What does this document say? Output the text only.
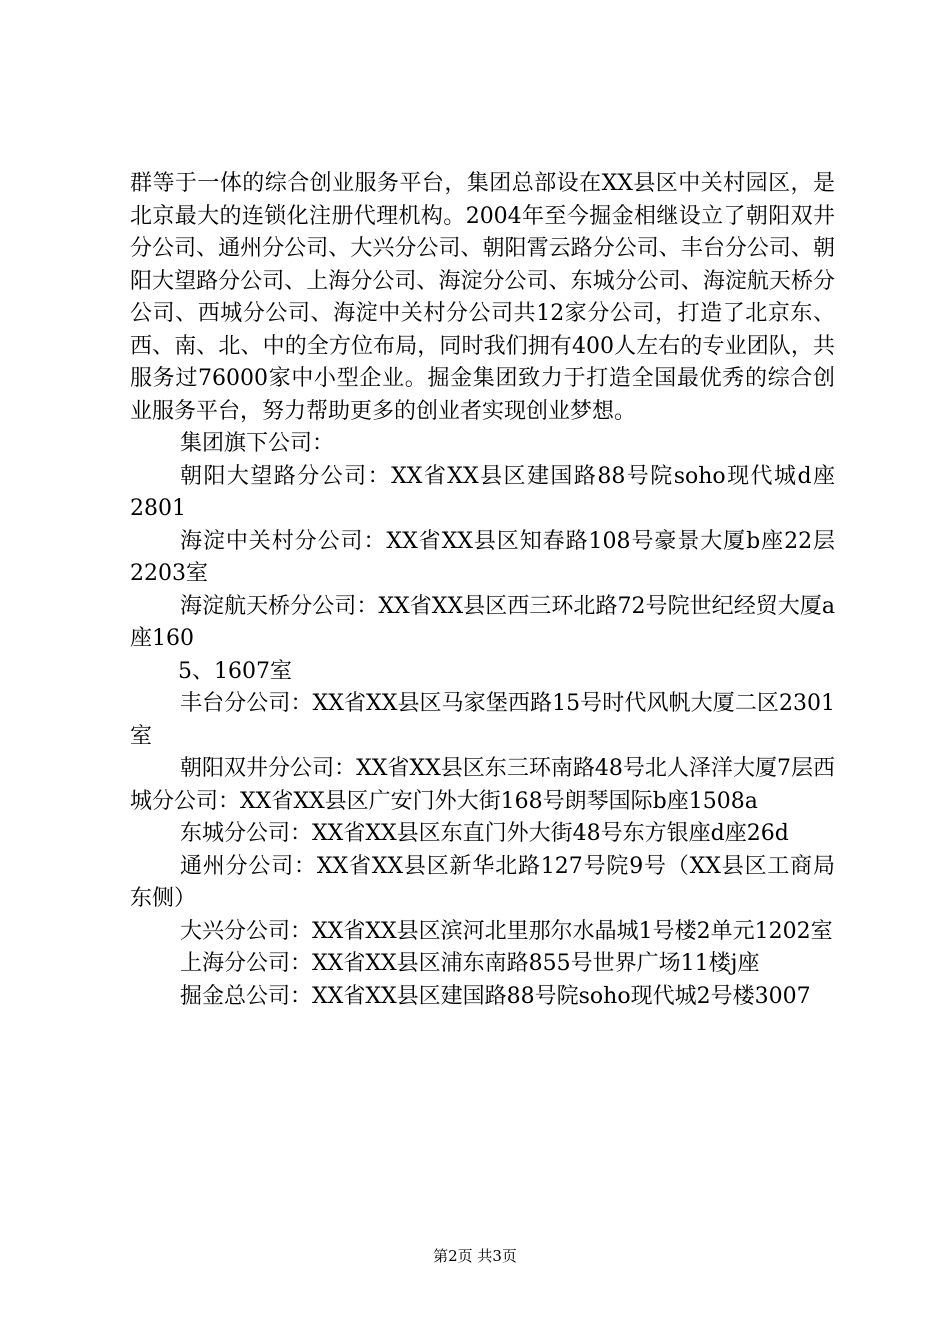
群等于一体的综合创业服务平台，集团总部设在XX县区中关村园区，是北京最大的连锁化注册代理机构。2004年至今掘金相继设立了朝阳双井分公司、通州分公司、大兴分公司、朝阳霄云路分公司、丰台分公司、朝阳大望路分公司、上海分公司、海淀分公司、东城分公司、海淀航天桥分公司、西城分公司、海淀中关村分公司共12家分公司，打造了北京东、西、南、北、中的全方位布局，同时我们拥有400人左右的专业团队，共服务过76000家中小型企业。掘金集团致力于打造全国最优秀的综合创业服务平台，努力帮助更多的创业者实现创业梦想。

集团旗下公司：

朝阳大望路分公司：XX省XX县区建国路88号院soho现代城d座2801

海淀中关村分公司：XX省XX县区知春路108号豪景大厦b座22层2203室

海淀航天桥分公司：XX省XX县区西三环北路72号院世纪经贸大厦a座160

5、1607室

丰台分公司：XX省XX县区马家堡西路15号时代风帆大厦二区2301室

朝阳双井分公司：XX省XX县区东三环南路48号北人泽洋大厦7层西城分公司：XX省XX县区广安门外大街168号朗琴国际b座1508a

东城分公司：XX省XX县区东直门外大街48号东方银座d座26d

通州分公司：XX省XX县区新华北路127号院9号（XX县区工商局东侧）

大兴分公司：XX省XX县区滨河北里那尔水晶城1号楼2单元1202室

上海分公司：XX省XX县区浦东南路855号世界广场11楼j座

掘金总公司：XX省XX县区建国路88号院soho现代城2号楼3007

第2页 共3页
